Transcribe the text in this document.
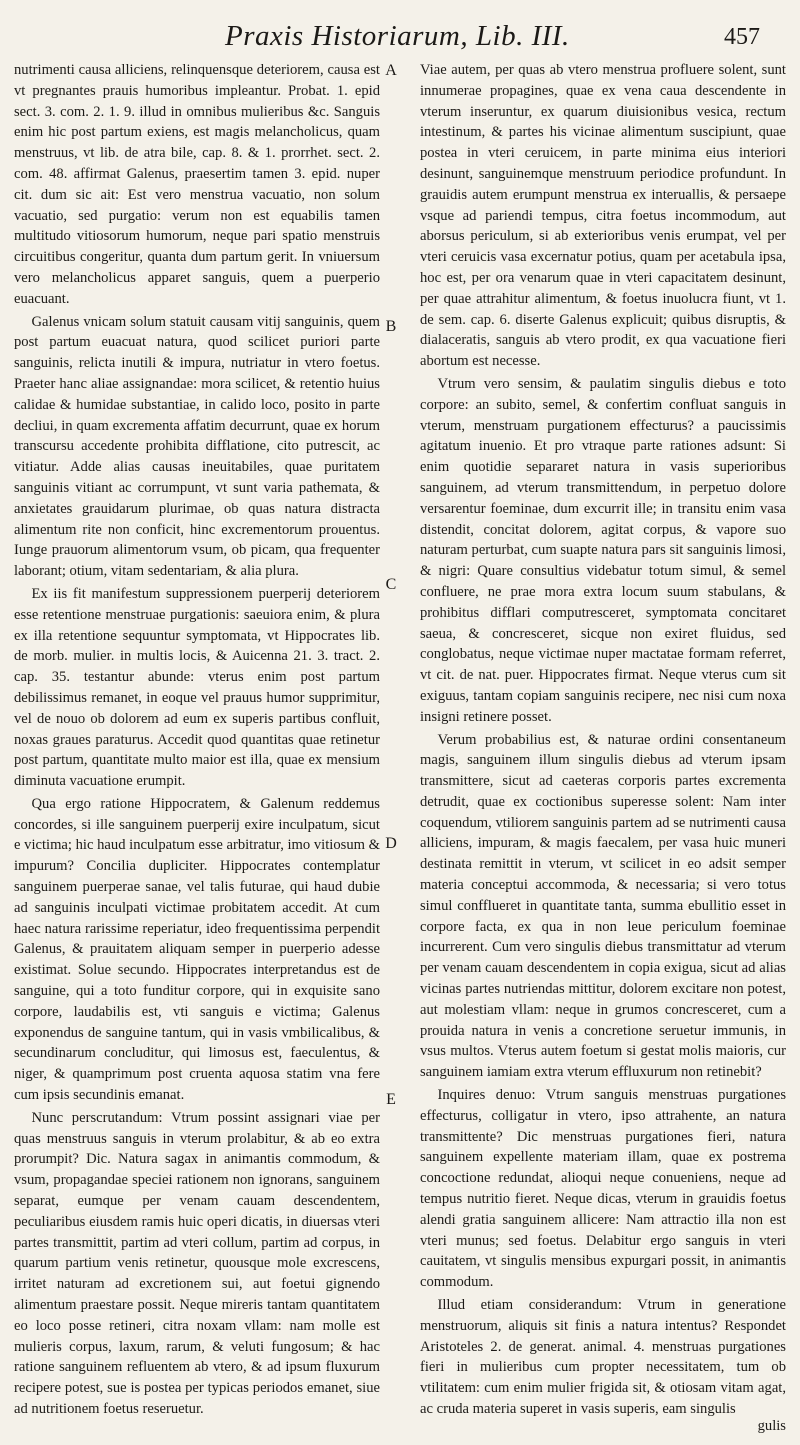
Praxis Historiarum, Lib. III.	457

nutrimenti causa alliciens, relinquensque deteriorem, causa est vt pregnantes prauis humoribus impleantur. Probat. 1. epid sect. 3. com. 2. 1. 9. illud in omnibus mulieribus &c. Sanguis enim hic post partum exiens, est magis melancholicus, quam menstruus, vt lib. de atra bile, cap. 8. & 1. prorrhet. sect. 2. com. 48. affirmat Galenus, praesertim tamen 3. epid. nuper cit. dum sic ait: Est vero menstrua vacuatio, non solum vacuatio, sed purgatio: verum non est equabilis tamen multitudo vitiosorum humorum, neque pari spatio menstruis circuitibus congeritur, quanta dum partum gerit. In vniuersum vero melancholicus apparet sanguis, quem a puerperio euacuant.

Galenus vnicam solum statuit causam vitij sanguinis, quem post partum euacuat natura, quod scilicet puriori parte sanguinis, relicta inutili & impura, nutriatur in vtero foetus. Praeter hanc aliae assignandae: mora scilicet, & retentio huius calidae & humidae substantiae, in calido loco, posito in parte decliui, in quam excrementa affatim decurrunt, quae ex horum transcursu accedente prohibita difflatione, cito putrescit, ac vitiatur. Adde alias causas ineuitabiles, quae puritatem sanguinis vitiant ac corrumpunt, vt sunt varia pathemata, & anxietates grauidarum plurimae, ob quas natura distracta alimentum rite non conficit, hinc excrementorum prouentus. Iunge prauorum alimentorum vsum, ob picam, qua frequenter laborant; otium, vitam sedentariam, & alia plura.

Ex iis fit manifestum suppressionem puerperij deteriorem esse retentione menstruae purgationis: saeuiora enim, & plura ex illa retentione sequuntur symptomata, vt Hippocrates lib. de morb. mulier. in multis locis, & Auicenna 21. 3. tract. 2. cap. 35. testantur abunde: vterus enim post partum debilissimus remanet, in eoque vel prauus humor supprimitur, vel de nouo ob dolorem ad eum ex superis partibus confluit, noxas graues paraturus. Accedit quod quantitas quae retinetur post partum, quantitate multo maior est illa, quae ex mensium diminuta vacuatione erumpit.

Qua ergo ratione Hippocratem, & Galenum reddemus concordes, si ille sanguinem puerperij exire inculpatum, sicut e victima; hic haud inculpatum esse arbitratur, imo vitiosum & impurum? Concilia dupliciter. Hippocrates contemplatur sanguinem puerperae sanae, vel talis futurae, qui haud dubie ad sanguinis inculpati victimae probitatem accedit. At cum haec natura rarissime reperiatur, ideo frequentissima perpendit Galenus, & prauitatem aliquam semper in puerperio adesse existimat. Solue secundo. Hippocrates interpretandus est de sanguine, qui a toto funditur corpore, qui in exquisite sano corpore, laudabilis est, vti sanguis e victima; Galenus exponendus de sanguine tantum, qui in vasis vmbilicalibus, & secundinarum concluditur, qui limosus est, faeculentus, & niger, & quamprimum post cruenta aquosa statim vna fere cum ipsis secundinis emanat.

Nunc perscrutandum: Vtrum possint assignari viae per quas menstruus sanguis in vterum prolabitur, & ab eo extra prorumpit? Dic. Natura sagax in animantis commodum, & vsum, propagandae speciei rationem non ignorans, sanguinem separat, eumque per venam cauam descendentem, peculiaribus eiusdem ramis huic operi dicatis, in diuersas vteri partes transmittit, partim ad vteri collum, partim ad corpus, in quarum partium venis retinetur, quousque mole excrescens, irritet naturam ad excretionem sui, aut foetui gignendo alimentum praestare possit. Neque mireris tantam quantitatem eo loco posse retineri, citra noxam vllam: nam molle est mulieris corpus, laxum, rarum, & veluti fungosum; & hac ratione sanguinem refluentem ab vtero, & ad ipsum fluxurum recipere potest, sue is postea per typicas periodos emanet, siue ad nutritionem foetus reseruetur.

A
B
C
D
E

Viae autem, per quas ab vtero menstrua profluere solent, sunt innumerae propagines, quae ex vena caua descendente in vterum inseruntur, ex quarum diuisionibus vesica, rectum intestinum, & partes his vicinae alimentum suscipiunt, quae postea in vteri ceruicem, in parte minima eius interiori desinunt, sanguinemque menstruum periodice profundunt. In grauidis autem erumpunt menstrua ex interuallis, & persaepe vsque ad pariendi tempus, citra foetus incommodum, aut aborsus periculum, si ab exterioribus venis erumpat, vel per vteri ceruicis vasa excernatur potius, quam per acetabula ipsa, hoc est, per ora venarum quae in vteri capacitatem desinunt, per quae attrahitur alimentum, & foetus inuolucra fiunt, vt 1. de sem. cap. 6. diserte Galenus explicuit; quibus disruptis, & dialaceratis, sanguis ab vtero prodit, ex qua vacuatione fieri abortum est necesse.

Vtrum vero sensim, & paulatim singulis diebus e toto corpore: an subito, semel, & confertim confluat sanguis in vterum, menstruam purgationem effecturus? a paucissimis agitatum inuenio. Et pro vtraque parte rationes adsunt: Si enim quotidie separaret natura in vasis superioribus sanguinem, ad vterum transmittendum, in perpetuo dolore versarentur foeminae, dum excurrit ille; in transitu enim vasa distendit, concitat dolorem, agitat corpus, & vapore suo naturam perturbat, cum suapte natura pars sit sanguinis limosi, & nigri: Quare consultius videbatur totum simul, & semel confluere, ne prae mora extra locum suum stabulans, & prohibitus difflari computresceret, symptomata concitaret saeua, & concresceret, sicque non exiret fluidus, sed conglobatus, neque victimae nuper mactatae formam referret, vt cit. de nat. puer. Hippocrates firmat. Neque vterus cum sit exiguus, tantam copiam sanguinis recipere, nec nisi cum noxa insigni retinere posset.

Verum probabilius est, & naturae ordini consentaneum magis, sanguinem illum singulis diebus ad vterum ipsam transmittere, sicut ad caeteras corporis partes excrementa detrudit, quae ex coctionibus superesse solent: Nam inter coquendum, vtiliorem sanguinis partem ad se nutrimenti causa alliciens, impuram, & magis faecalem, per vasa huic muneri destinata remittit in vterum, vt scilicet in eo adsit semper materia conceptui accommoda, & necessaria; si vero totus simul confflueret in quantitate tanta, summa ebullitio esset in corpore facta, ex qua in non leue periculum foeminae incurrerent. Cum vero singulis diebus transmittatur ad vterum per venam cauam descendentem in copia exigua, sicut ad alias vicinas partes nutriendas mittitur, dolorem excitare non potest, aut molestiam vllam: neque in grumos concresceret, cum a prouida natura in venis a concretione seruetur immunis, in vsus multos. Vterus autem foetum si gestat molis maioris, cur sanguinem iamiam extra vterum effluxurum non retinebit?

Inquires denuo: Vtrum sanguis menstruas purgationes effecturus, colligatur in vtero, ipso attrahente, an natura transmittente? Dic menstruas purgationes fieri, natura sanguinem expellente materiam illam, quae ex postrema concoctione redundat, alioqui neque conueniens, neque ad tempus nutritio fieret. Neque dicas, vterum in grauidis foetus alendi gratia sanguinem allicere: Nam attractio illa non est vteri munus; sed foetus. Delabitur ergo sanguis in vteri cauitatem, vt singulis mensibus expurgari possit, in animantis commodum.

Illud etiam considerandum: Vtrum in generatione menstruorum, aliquis sit finis a natura intentus? Respondet Aristoteles 2. de generat. animal. 4. menstruas purgationes fieri in mulieribus cum propter necessitatem, tum ob vtilitatem: cum enim mulier frigida sit, & otiosam vitam agat, ac cruda materia superet in vasis superis, eam singulis

gulis
